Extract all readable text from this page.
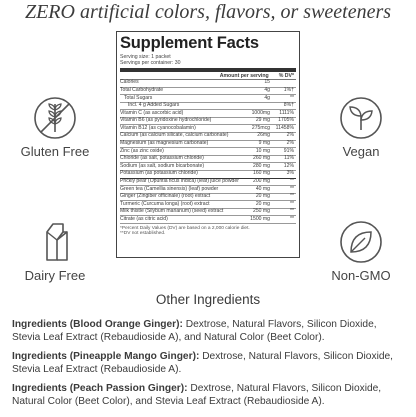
ZERO artificial colors, flavors, or sweeteners
Supplement Facts
Serving size: 1 packet
Servings per container: 30
Amount per serving % DV*
Calories	15
Total Carbohydrate	4g	1%†
Total Sugars	4g	**
Incl. 4 g Added Sugars	8%†
Vitamin C (as ascorbic acid)	1000mg	1111%
Vitamin B6 (as pyridoxine hydrochloride)	29 mg	1705%
Vitamin B12 (as cyanocobalamin)	275mcg	11458%
Calcium (as calcium silicate, calcium carbonate)	26mg	2%
Magnesium (as magnesium carbonate)	9 mg	2%
Zinc (as zinc oxide)	10 mg	91%
Chloride (as salt, potassium chloride)	260 mg	11%
Sodium (as salt, sodium bicarbonate)	280 mg	12%
Potassium (as potassium chloride)	160 mg	3%
Prickly pear (Opuntia ficus indica) (leaf) juice powder	200 mg	**
Green tea (Camellia sinensis) (leaf) powder	40 mg	**
Ginger (Zingiber officinale) (root) extract	20 mg	**
Turmeric (Curcuma longa) (root) extract	20 mg	**
Milk thistle (Silybum marianum) (seed) extract	250 mg	**
Citrate (as citric acid)	1500 mg	**
*Percent Daily Values (DV) are based on a 2,000 calorie diet.
**DV not established.
Gluten Free	Vegan
Dairy Free	Non-GMO
Other Ingredients
Ingredients (Blood Orange Ginger): Dextrose, Natural Flavors, Silicon Dioxide, Stevia Leaf Extract (Rebaudioside A), and Natural Color (Beet Color).
Ingredients (Pineapple Mango Ginger): Dextrose, Natural Flavors, Silicon Dioxide, Stevia Leaf Extract (Rebaudioside A).
Ingredients (Peach Passion Ginger): Dextrose, Natural Flavors, Silicon Dioxide, Natural Color (Beet Color), and Stevia Leaf Extract (Rebaudioside A).
